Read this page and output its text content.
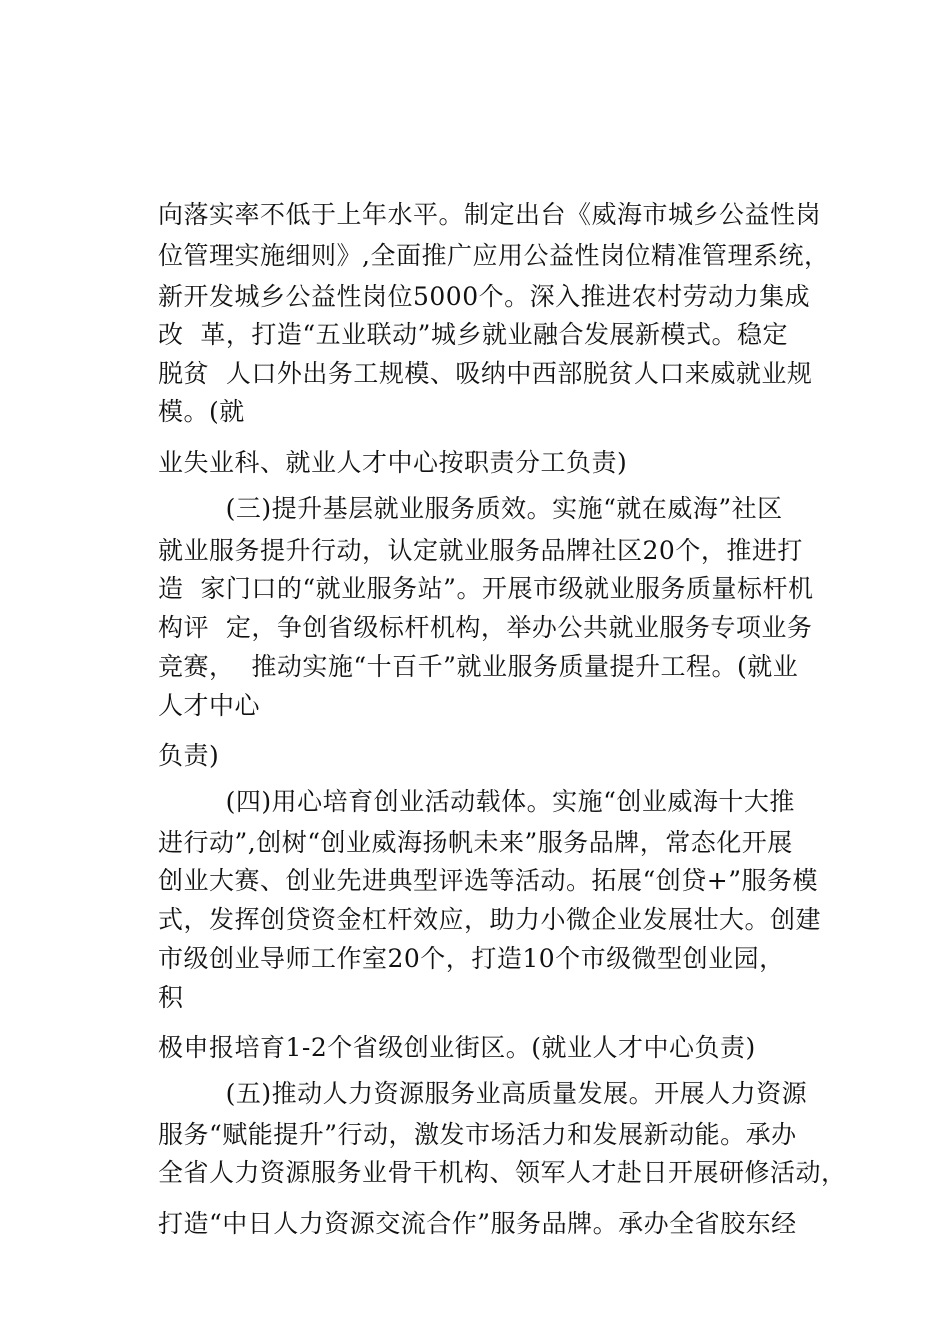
向落实率不低于上年水平。制定出台《威海市城乡公益性岗

位管理实施细则》,全面推广应用公益性岗位精准管理系统，

新开发城乡公益性岗位5000个。深入推进农村劳动力集成

改  革，打造“五业联动”城乡就业融合发展新模式。稳定

脱贫  人口外出务工规模、吸纳中西部脱贫人口来威就业规

模。(就

业失业科、就业人才中心按职责分工负责)

(三)提升基层就业服务质效。实施“就在威海”社区

就业服务提升行动，认定就业服务品牌社区20个，推进打

造  家门口的“就业服务站”。开展市级就业服务质量标杆机

构评  定，争创省级标杆机构，举办公共就业服务专项业务

竞赛，  推动实施“十百千”就业服务质量提升工程。(就业

人才中心

负责)

(四)用心培育创业活动载体。实施“创业威海十大推

进行动”,创树“创业威海扬帆未来”服务品牌，常态化开展

创业大赛、创业先进典型评选等活动。拓展“创贷+”服务模

式，发挥创贷资金杠杆效应，助力小微企业发展壮大。创建

市级创业导师工作室20个，打造10个市级微型创业园，

积

极申报培育1-2个省级创业街区。(就业人才中心负责)

(五)推动人力资源服务业高质量发展。开展人力资源

服务“赋能提升”行动，激发市场活力和发展新动能。承办

全省人力资源服务业骨干机构、领军人才赴日开展研修活动，

打造“中日人力资源交流合作”服务品牌。承办全省胶东经
